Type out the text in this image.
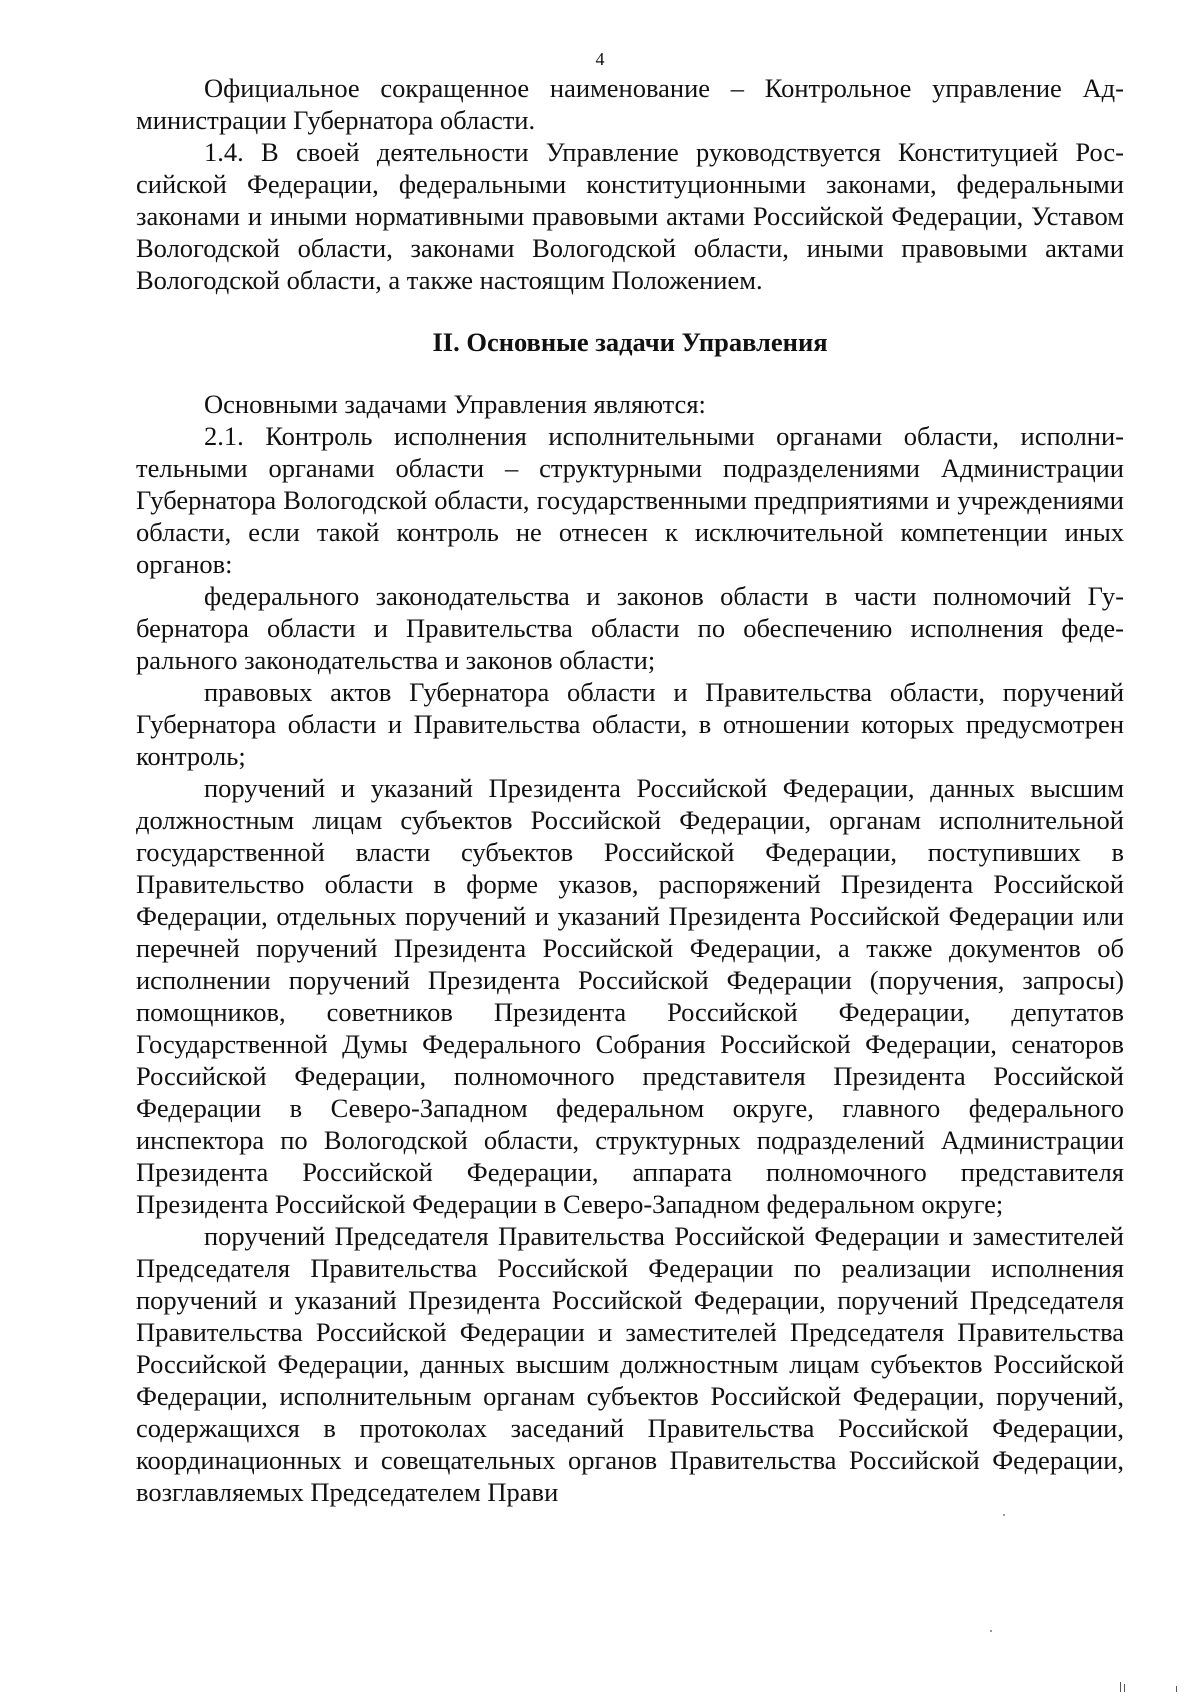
4

Официальное сокращенное наименование – Контрольное управление Администрации Губернатора области.

1.4. В своей деятельности Управление руководствуется Конституцией Российской Федерации, федеральными конституционными законами, федеральными законами и иными нормативными правовыми актами Российской Федерации, Уставом Вологодской области, законами Вологодской области, иными правовыми актами Вологодской области, а также настоящим Положением.

II. Основные задачи Управления

Основными задачами Управления являются:

2.1. Контроль исполнения исполнительными органами области, исполнительными органами области – структурными подразделениями Администрации Губернатора Вологодской области, государственными предприятиями и учреждениями области, если такой контроль не отнесен к исключительной компетенции иных органов:

федерального законодательства и законов области в части полномочий Губернатора области и Правительства области по обеспечению исполнения федерального законодательства и законов области;

правовых актов Губернатора области и Правительства области, поручений Губернатора области и Правительства области, в отношении которых предусмотрен контроль;

поручений и указаний Президента Российской Федерации, данных высшим должностным лицам субъектов Российской Федерации, органам исполнительной государственной власти субъектов Российской Федерации, поступивших в Правительство области в форме указов, распоряжений Президента Российской Федерации, отдельных поручений и указаний Президента Российской Федерации или перечней поручений Президента Российской Федерации, а также документов об исполнении поручений Президента Российской Федерации (поручения, запросы) помощников, советников Президента Российской Федерации, депутатов Государственной Думы Федерального Собрания Российской Федерации, сенаторов Российской Федерации, полномочного представителя Президента Российской Федерации в Северо-Западном федеральном округе, главного федерального инспектора по Вологодской области, структурных подразделений Администрации Президента Российской Федерации, аппарата полномочного представителя Президента Российской Федерации в Северо-Западном федеральном округе;

поручений Председателя Правительства Российской Федерации и заместителей Председателя Правительства Российской Федерации по реализации исполнения поручений и указаний Президента Российской Федерации, поручений Председателя Правительства Российской Федерации и заместителей Председателя Правительства Российской Федерации, данных высшим должностным лицам субъектов Российской Федерации, исполнительным органам субъектов Российской Федерации, поручений, содержащихся в протоколах заседаний Правительства Российской Федерации, координационных и совещательных органов Правительства Российской Федерации, возглавляемых Председателем Прави
